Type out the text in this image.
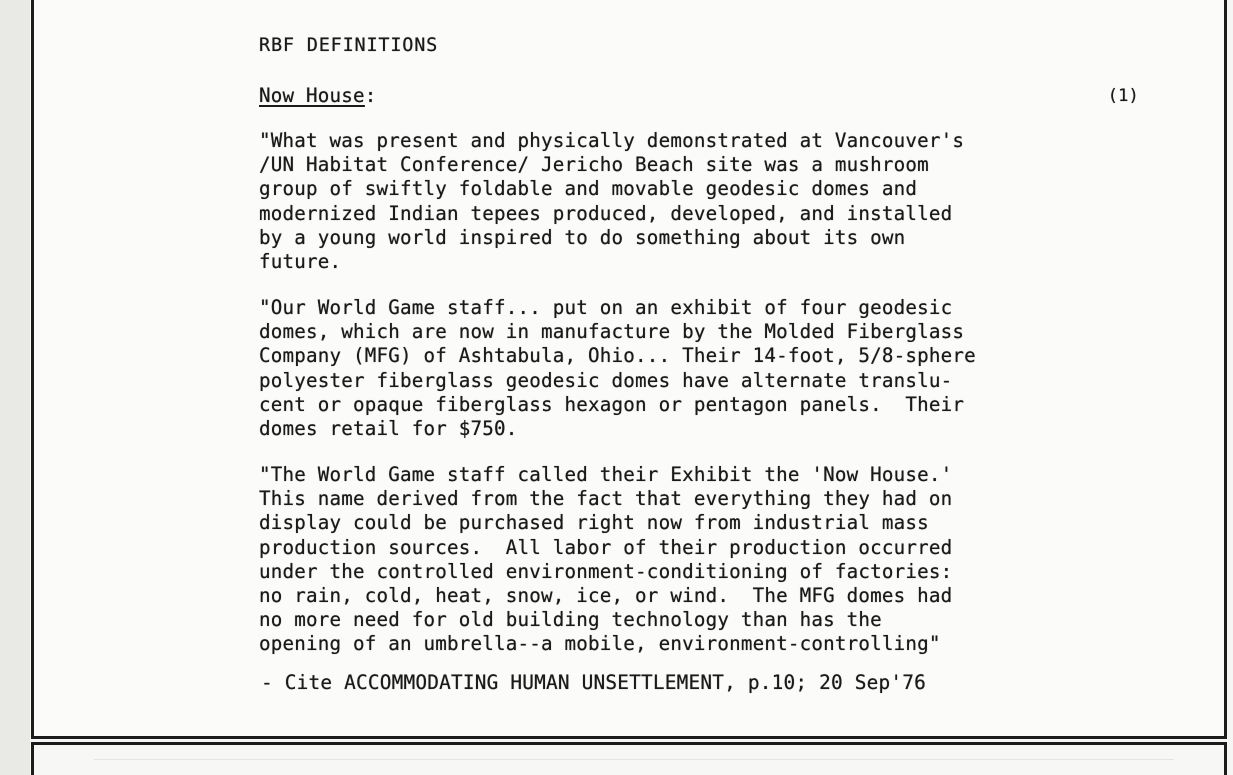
RBF DEFINITIONS
Now House:	(1)
"What was present and physically demonstrated at Vancouver's
/UN Habitat Conference/ Jericho Beach site was a mushroom
group of swiftly foldable and movable geodesic domes and
modernized Indian tepees produced, developed, and installed
by a young world inspired to do something about its own
future.
"Our World Game staff... put on an exhibit of four geodesic
domes, which are now in manufacture by the Molded Fiberglass
Company (MFG) of Ashtabula, Ohio... Their 14-foot, 5/8-sphere
polyester fiberglass geodesic domes have alternate translu-
cent or opaque fiberglass hexagon or pentagon panels.  Their
domes retail for $750.
"The World Game staff called their Exhibit the 'Now House.'
This name derived from the fact that everything they had on
display could be purchased right now from industrial mass
production sources.  All labor of their production occurred
under the controlled environment-conditioning of factories:
no rain, cold, heat, snow, ice, or wind.  The MFG domes had
no more need for old building technology than has the
opening of an umbrella--a mobile, environment-controlling"
- Cite ACCOMMODATING HUMAN UNSETTLEMENT, p.10; 20 Sep'76
